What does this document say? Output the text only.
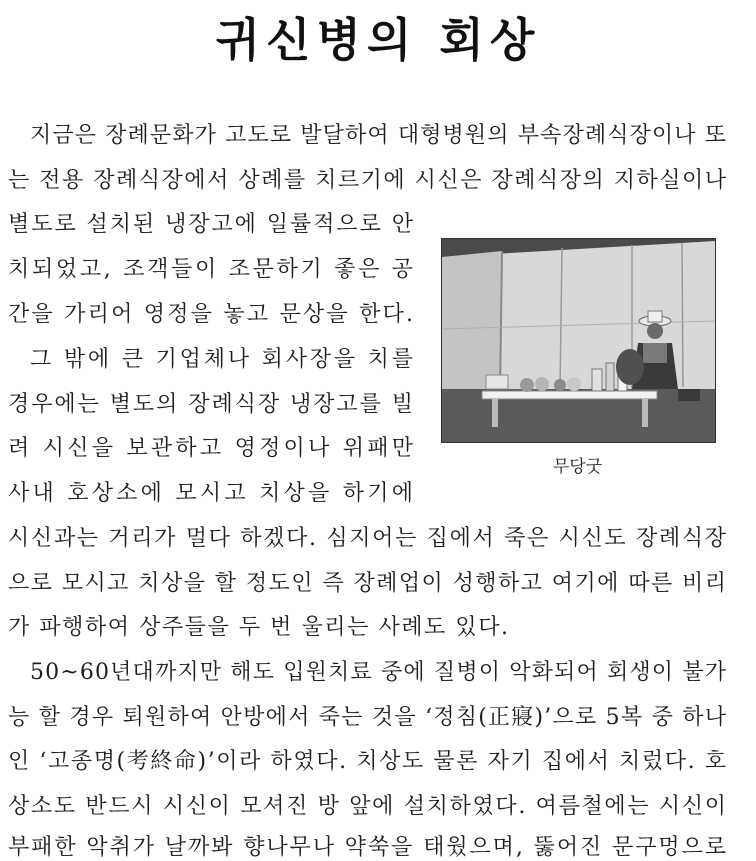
귀신병의 회상
지금은 장례문화가 고도로 발달하여 대형병원의 부속장례식장이나 또
는 전용 장례식장에서 상례를 치르기에 시신은 장례식장의 지하실이나
별도로 설치된 냉장고에 일률적으로 안
치되었고, 조객들이 조문하기 좋은 공
간을 가리어 영정을 놓고 문상을 한다.
그 밖에 큰 기업체나 회사장을 치를
경우에는 별도의 장례식장 냉장고를 빌
려 시신을 보관하고 영정이나 위패만
사내 호상소에 모시고 치상을 하기에
시신과는 거리가 멀다 하겠다. 심지어는 집에서 죽은 시신도 장례식장
으로 모시고 치상을 할 정도인 즉 장례업이 성행하고 여기에 따른 비리
가 파행하여 상주들을 두 번 울리는 사례도 있다.
50~60년대까지만 해도 입원치료 중에 질병이 악화되어 회생이 불가
능 할 경우 퇴원하여 안방에서 죽는 것을 ‘정침(正寢)’으로 5복 중 하나
인 ‘고종명(考終命)’이라 하였다. 치상도 물론 자기 집에서 치렀다. 호
상소도 반드시 시신이 모셔진 방 앞에 설치하였다. 여름철에는 시신이
부패한 악취가 날까봐 향나무나 약쑥을 태웠으며, 뚫어진 문구멍으로
무당굿
